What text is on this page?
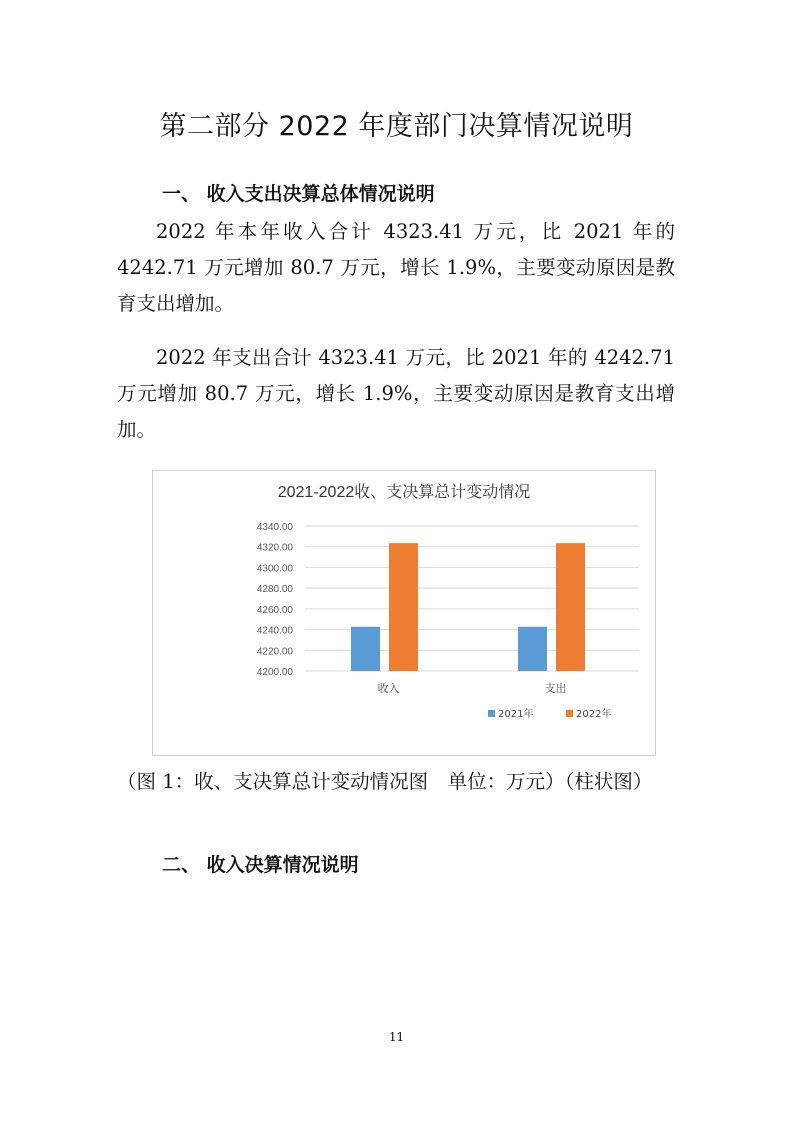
第二部分 2022 年度部门决算情况说明
一、 收入支出决算总体情况说明
2022 年本年收入合计 4323.41 万元，比 2021 年的 4242.71 万元增加 80.7 万元，增长 1.9%，主要变动原因是教育支出增加。
2022 年支出合计 4323.41 万元，比 2021 年的 4242.71 万元增加 80.7 万元，增长 1.9%，主要变动原因是教育支出增加。
2021-2022收、支决算总计变动情况
4200.00
4220.00
4240.00
4260.00
4280.00
4300.00
4320.00
4340.00
收入	支出
2021年	2022年
（图 1：收、支决算总计变动情况图　单位：万元）（柱状图）
二、 收入决算情况说明
11
